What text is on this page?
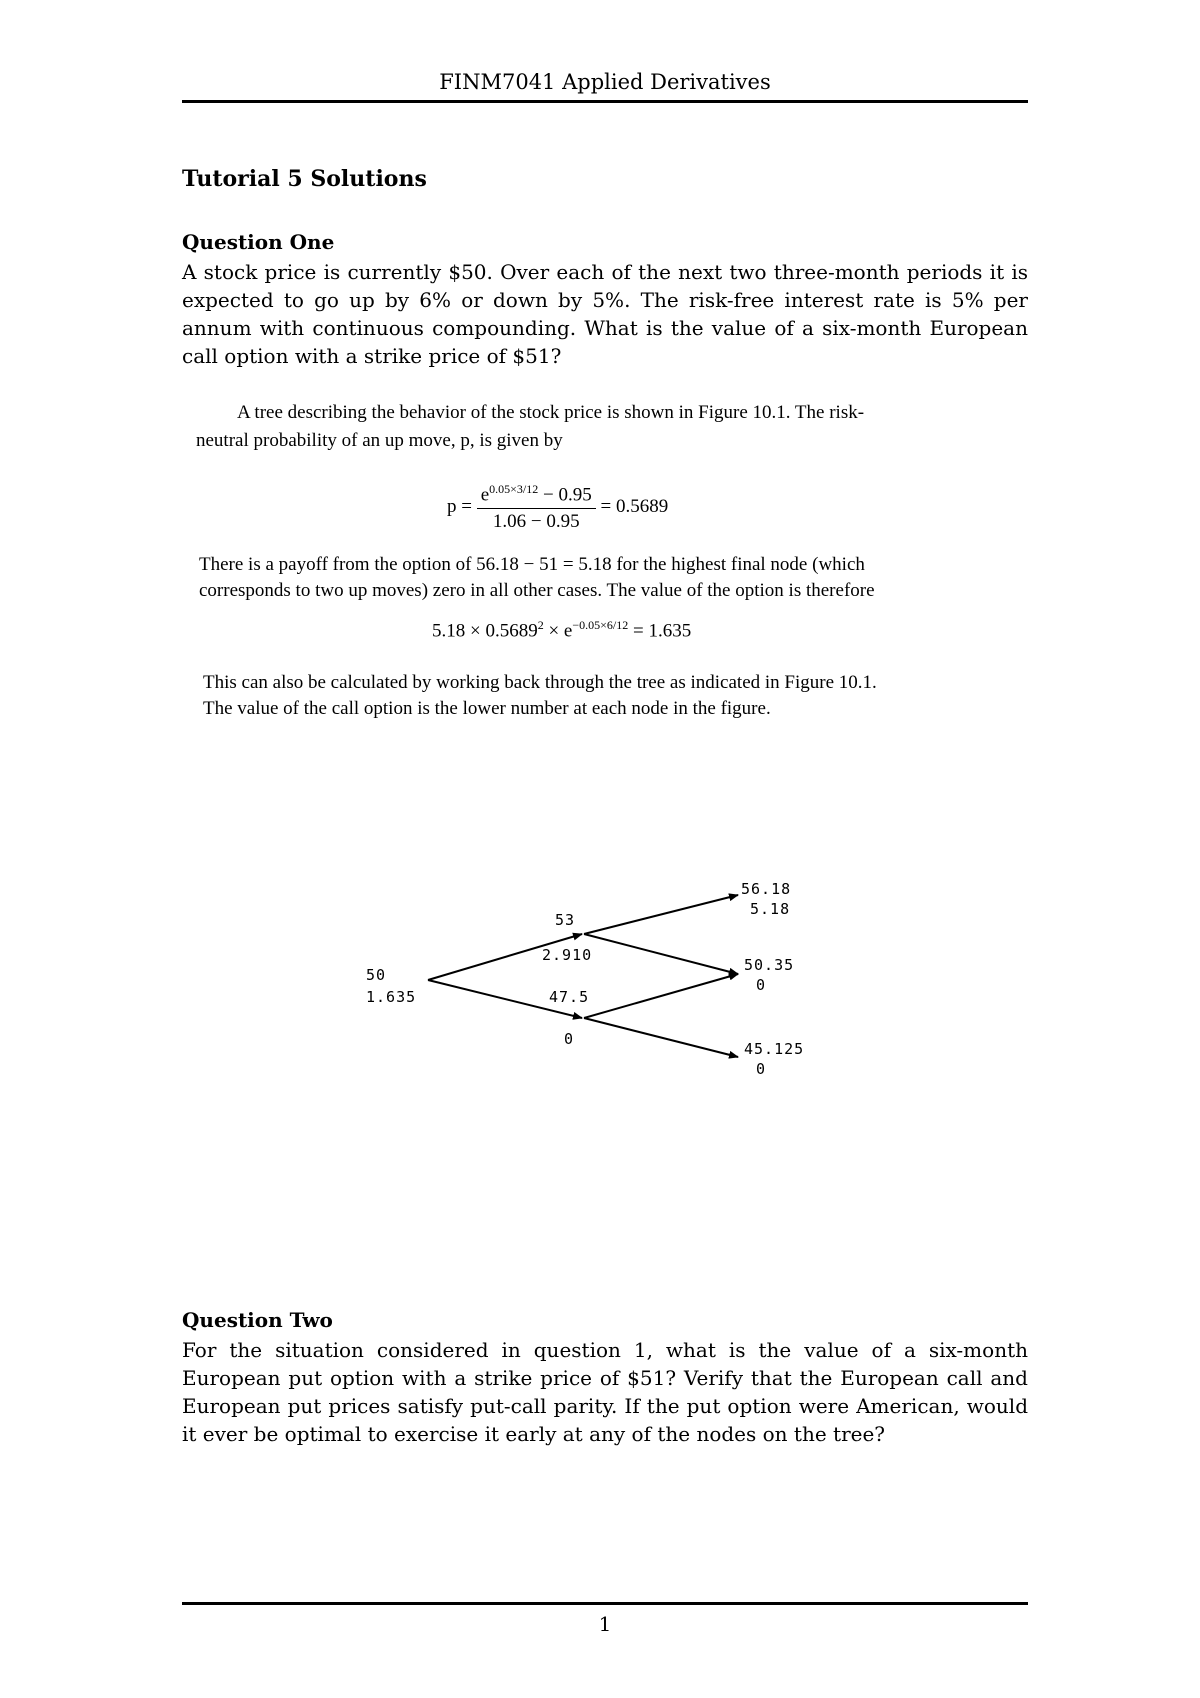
FINM7041 Applied Derivatives
Tutorial 5 Solutions
Question One
A stock price is currently $50. Over each of the next two three-month periods it is expected to go up by 6% or down by 5%. The risk-free interest rate is 5% per annum with continuous compounding. What is the value of a six-month European call option with a strike price of $51?
A tree describing the behavior of the stock price is shown in Figure 10.1. The risk-
neutral probability of an up move, p, is given by
$p = \frac{e^{0.05\times 3/12} - 0.95}{1.06 - 0.95} = 0.5689$
There is a payoff from the option of 56.18 − 51 = 5.18 for the highest final node (which
corresponds to two up moves) zero in all other cases. The value of the option is therefore
$5.18 \times 0.5689^2 \times e^{-0.05\times 6/12} = 1.635$
This can also be calculated by working back through the tree as indicated in Figure 10.1.
The value of the call option is the lower number at each node in the figure.
50
1.635
53
2.910
47.5
0
56.18
5.18
50.35
0
45.125
0
Question Two
For the situation considered in question 1, what is the value of a six-month European put option with a strike price of $51? Verify that the European call and European put prices satisfy put-call parity. If the put option were American, would it ever be optimal to exercise it early at any of the nodes on the tree?
1
